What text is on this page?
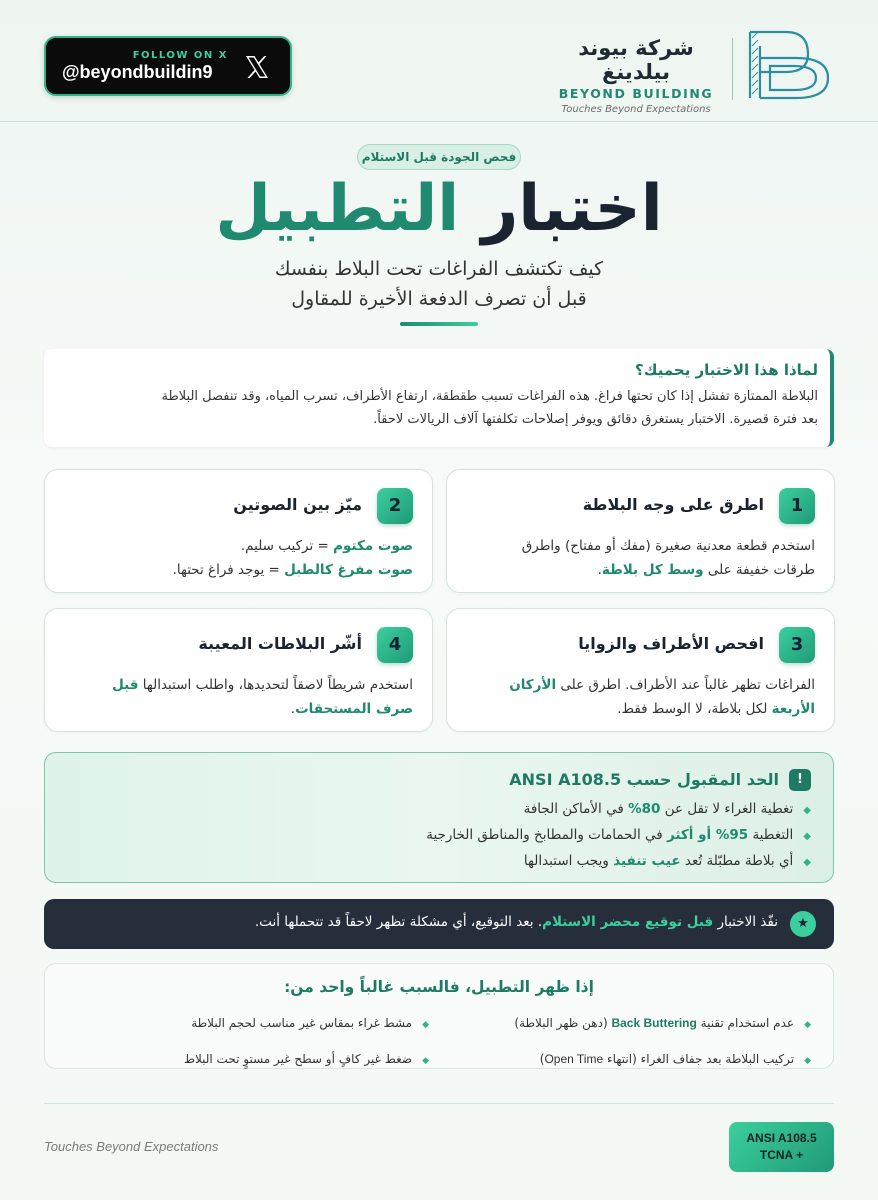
FOLLOW ON X
@beyondbuildin9
شركة بيوند بيلدينغ
BEYOND BUILDING
Touches Beyond Expectations
فحص الجودة قبل الاستلام
اختبار التطبيل
كيف تكتشف الفراغات تحت البلاط بنفسك
قبل أن تصرف الدفعة الأخيرة للمقاول
لماذا هذا الاختبار يحميك؟

البلاطة الممتازة تفشل إذا كان تحتها فراغ. هذه الفراغات تسبب طقطقة، ارتفاع الأطراف، تسرب المياه، وقد تنفصل البلاطة

بعد فترة قصيرة. الاختبار يستغرق دقائق ويوفر إصلاحات تكلفتها آلاف الريالات لاحقاً.

1
اطرق على وجه البلاطة
استخدم قطعة معدنية صغيرة (مفك أو مفتاح) واطرق
طرقات خفيفة على وسط كل بلاطة.
2
ميّز بين الصوتين
صوت مكتوم = تركيب سليم.
صوت مفرغ كالطبل = يوجد فراغ تحتها.
3
افحص الأطراف والزوايا
الفراغات تظهر غالباً عند الأطراف. اطرق على الأركان
الأربعة لكل بلاطة، لا الوسط فقط.
4
أشّر البلاطات المعيبة
استخدم شريطاً لاصقاً لتحديدها، واطلب استبدالها قبل
صرف المستحقات.
!
الحد المقبول حسب ANSI A108.5
◆تغطية الغراء لا تقل عن 80% في الأماكن الجافة
◆التغطية 95% أو أكثر في الحمامات والمطابخ والمناطق الخارجية
◆أي بلاطة مطبّلة تُعد عيب تنفيذ ويجب استبدالها
★
نفّذ الاختبار قبل توقيع محضر الاستلام. بعد التوقيع، أي مشكلة تظهر لاحقاً قد تتحملها أنت.
إذا ظهر التطبيل، فالسبب غالباً واحد من:
◆عدم استخدام تقنية Back Buttering (دهن ظهر البلاطة)
◆تركيب البلاطة بعد جفاف الغراء (انتهاء Open Time)
◆مشط غراء بمقاس غير مناسب لحجم البلاطة
◆ضغط غير كافٍ أو سطح غير مستوٍ تحت البلاط
Touches Beyond Expectations
ANSI A108.5
TCNA +
